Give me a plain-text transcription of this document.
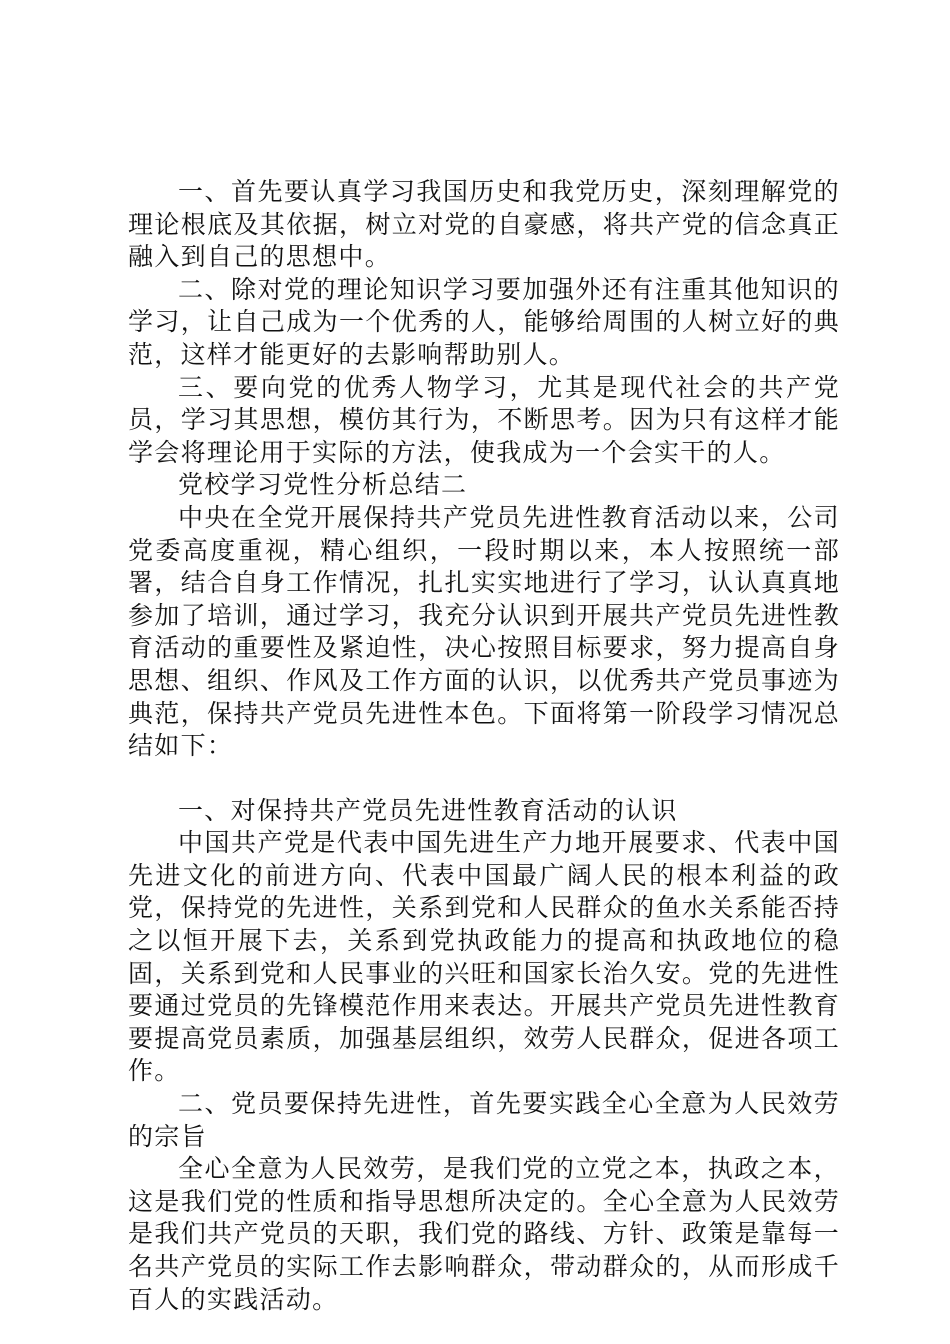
一、首先要认真学习我国历史和我党历史，深刻理解党的理论根底及其依据，树立对党的自豪感，将共产党的信念真正融入到自己的思想中。

二、除对党的理论知识学习要加强外还有注重其他知识的学习，让自己成为一个优秀的人，能够给周围的人树立好的典范，这样才能更好的去影响帮助别人。

三、要向党的优秀人物学习，尤其是现代社会的共产党员，学习其思想，模仿其行为，不断思考。因为只有这样才能学会将理论用于实际的方法，使我成为一个会实干的人。

党校学习党性分析总结二

中央在全党开展保持共产党员先进性教育活动以来，公司党委高度重视，精心组织，一段时期以来，本人按照统一部署，结合自身工作情况，扎扎实实地进行了学习，认认真真地参加了培训，通过学习，我充分认识到开展共产党员先进性教育活动的重要性及紧迫性，决心按照目标要求，努力提高自身思想、组织、作风及工作方面的认识，以优秀共产党员事迹为典范，保持共产党员先进性本色。下面将第一阶段学习情况总结如下：

一、对保持共产党员先进性教育活动的认识

中国共产党是代表中国先进生产力地开展要求、代表中国先进文化的前进方向、代表中国最广阔人民的根本利益的政党，保持党的先进性，关系到党和人民群众的鱼水关系能否持之以恒开展下去，关系到党执政能力的提高和执政地位的稳固，关系到党和人民事业的兴旺和国家长治久安。党的先进性要通过党员的先锋模范作用来表达。开展共产党员先进性教育要提高党员素质，加强基层组织，效劳人民群众，促进各项工作。

二、党员要保持先进性，首先要实践全心全意为人民效劳的宗旨

全心全意为人民效劳，是我们党的立党之本，执政之本，这是我们党的性质和指导思想所决定的。全心全意为人民效劳是我们共产党员的天职，我们党的路线、方针、政策是靠每一名共产党员的实际工作去影响群众，带动群众的，从而形成千百人的实践活动。
